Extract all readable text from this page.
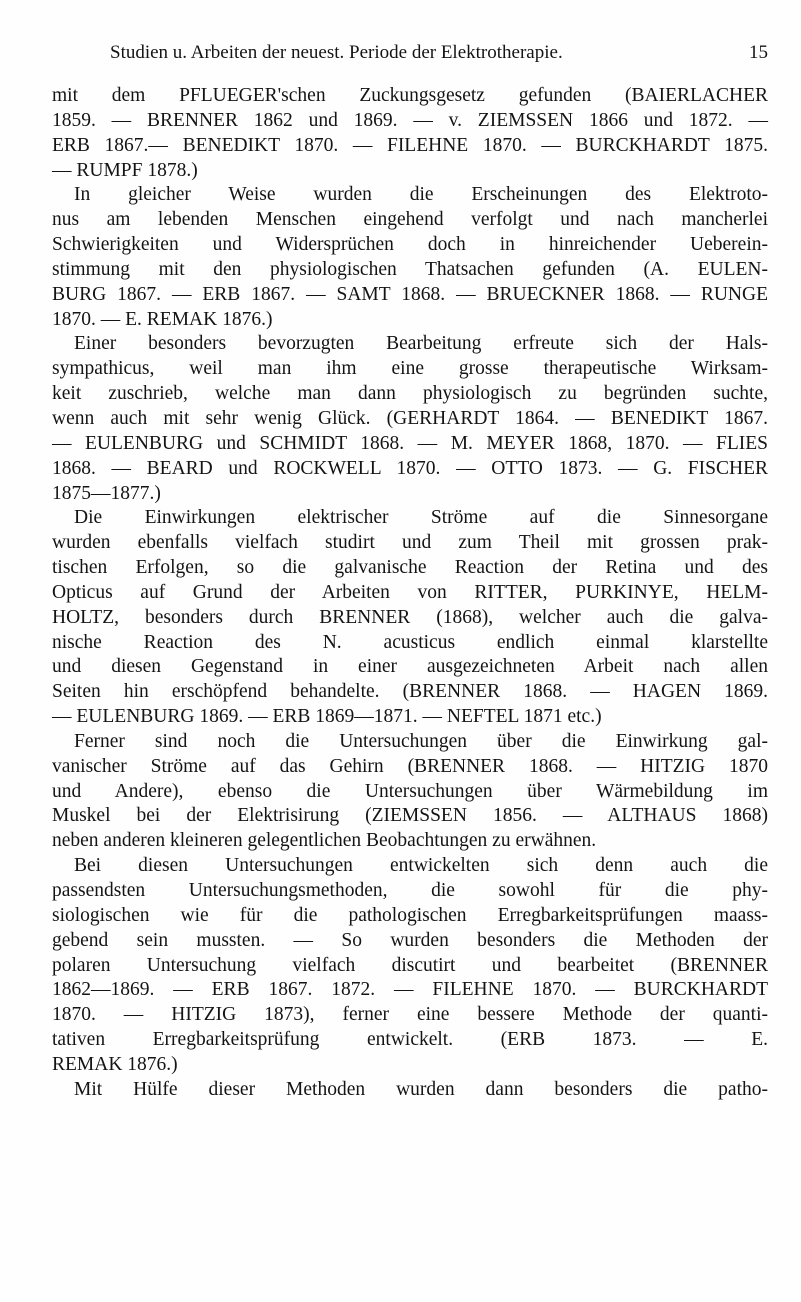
Studien u. Arbeiten der neuest. Periode der Elektrotherapie.	15
mit dem PFLUEGER'schen Zuckungsgesetz gefunden (BAIERLACHER
1859. — BRENNER 1862 und 1869. — v. ZIEMSSEN 1866 und 1872. —
ERB 1867.— BENEDIKT 1870. — FILEHNE 1870. — BURCKHARDT 1875.
— RUMPF 1878.)
In gleicher Weise wurden die Erscheinungen des Elektroto-
nus am lebenden Menschen eingehend verfolgt und nach mancherlei
Schwierigkeiten und Widersprüchen doch in hinreichender Ueberein-
stimmung mit den physiologischen Thatsachen gefunden (A. EULEN-
BURG 1867. — ERB 1867. — SAMT 1868. — BRUECKNER 1868. — RUNGE
1870. — E. REMAK 1876.)
Einer besonders bevorzugten Bearbeitung erfreute sich der Hals-
sympathicus, weil man ihm eine grosse therapeutische Wirksam-
keit zuschrieb, welche man dann physiologisch zu begründen suchte,
wenn auch mit sehr wenig Glück. (GERHARDT 1864. — BENEDIKT 1867.
— EULENBURG und SCHMIDT 1868. — M. MEYER 1868, 1870. — FLIES
1868. — BEARD und ROCKWELL 1870. — OTTO 1873. — G. FISCHER
1875—1877.)
Die Einwirkungen elektrischer Ströme auf die Sinnesorgane
wurden ebenfalls vielfach studirt und zum Theil mit grossen prak-
tischen Erfolgen, so die galvanische Reaction der Retina und des
Opticus auf Grund der Arbeiten von RITTER, PURKINYE, HELM-
HOLTZ, besonders durch BRENNER (1868), welcher auch die galva-
nische Reaction des N. acusticus endlich einmal klarstellte
und diesen Gegenstand in einer ausgezeichneten Arbeit nach allen
Seiten hin erschöpfend behandelte. (BRENNER 1868. — HAGEN 1869.
— EULENBURG 1869. — ERB 1869—1871. — NEFTEL 1871 etc.)
Ferner sind noch die Untersuchungen über die Einwirkung gal-
vanischer Ströme auf das Gehirn (BRENNER 1868. — HITZIG 1870
und Andere), ebenso die Untersuchungen über Wärmebildung im
Muskel bei der Elektrisirung (ZIEMSSEN 1856. — ALTHAUS 1868)
neben anderen kleineren gelegentlichen Beobachtungen zu erwähnen.
Bei diesen Untersuchungen entwickelten sich denn auch die
passendsten Untersuchungsmethoden, die sowohl für die phy-
siologischen wie für die pathologischen Erregbarkeitsprüfungen maass-
gebend sein mussten. — So wurden besonders die Methoden der
polaren Untersuchung vielfach discutirt und bearbeitet (BRENNER
1862—1869. — ERB 1867. 1872. — FILEHNE 1870. — BURCKHARDT
1870. — HITZIG 1873), ferner eine bessere Methode der quanti-
tativen Erregbarkeitsprüfung entwickelt. (ERB 1873. — E.
REMAK 1876.)
Mit Hülfe dieser Methoden wurden dann besonders die patho-
